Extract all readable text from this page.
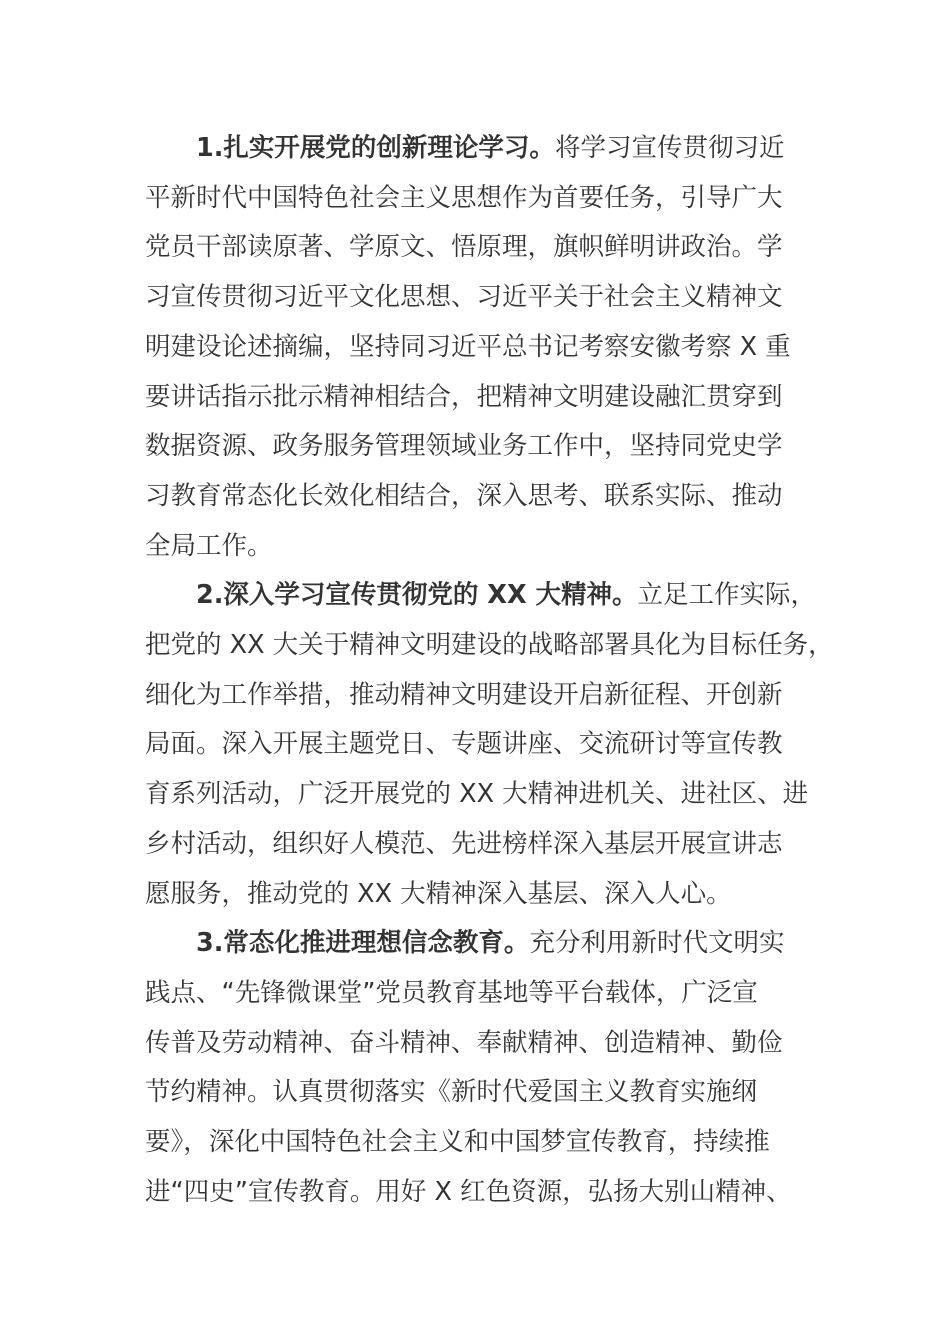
1.扎实开展党的创新理论学习。将学习宣传贯彻习近
平新时代中国特色社会主义思想作为首要任务，引导广大
党员干部读原著、学原文、悟原理，旗帜鲜明讲政治。学
习宣传贯彻习近平文化思想、习近平关于社会主义精神文
明建设论述摘编，坚持同习近平总书记考察安徽考察 X 重
要讲话指示批示精神相结合，把精神文明建设融汇贯穿到
数据资源、政务服务管理领域业务工作中，坚持同党史学
习教育常态化长效化相结合，深入思考、联系实际、推动
全局工作。
2.深入学习宣传贯彻党的 XX 大精神。立足工作实际，
把党的 XX 大关于精神文明建设的战略部署具化为目标任务，
细化为工作举措，推动精神文明建设开启新征程、开创新
局面。深入开展主题党日、专题讲座、交流研讨等宣传教
育系列活动，广泛开展党的 XX 大精神进机关、进社区、进
乡村活动，组织好人模范、先进榜样深入基层开展宣讲志
愿服务，推动党的 XX 大精神深入基层、深入人心。
3.常态化推进理想信念教育。充分利用新时代文明实
践点、“先锋微课堂”党员教育基地等平台载体，广泛宣
传普及劳动精神、奋斗精神、奉献精神、创造精神、勤俭
节约精神。认真贯彻落实《新时代爱国主义教育实施纲
要》，深化中国特色社会主义和中国梦宣传教育，持续推
进“四史”宣传教育。用好 X 红色资源，弘扬大别山精神、
